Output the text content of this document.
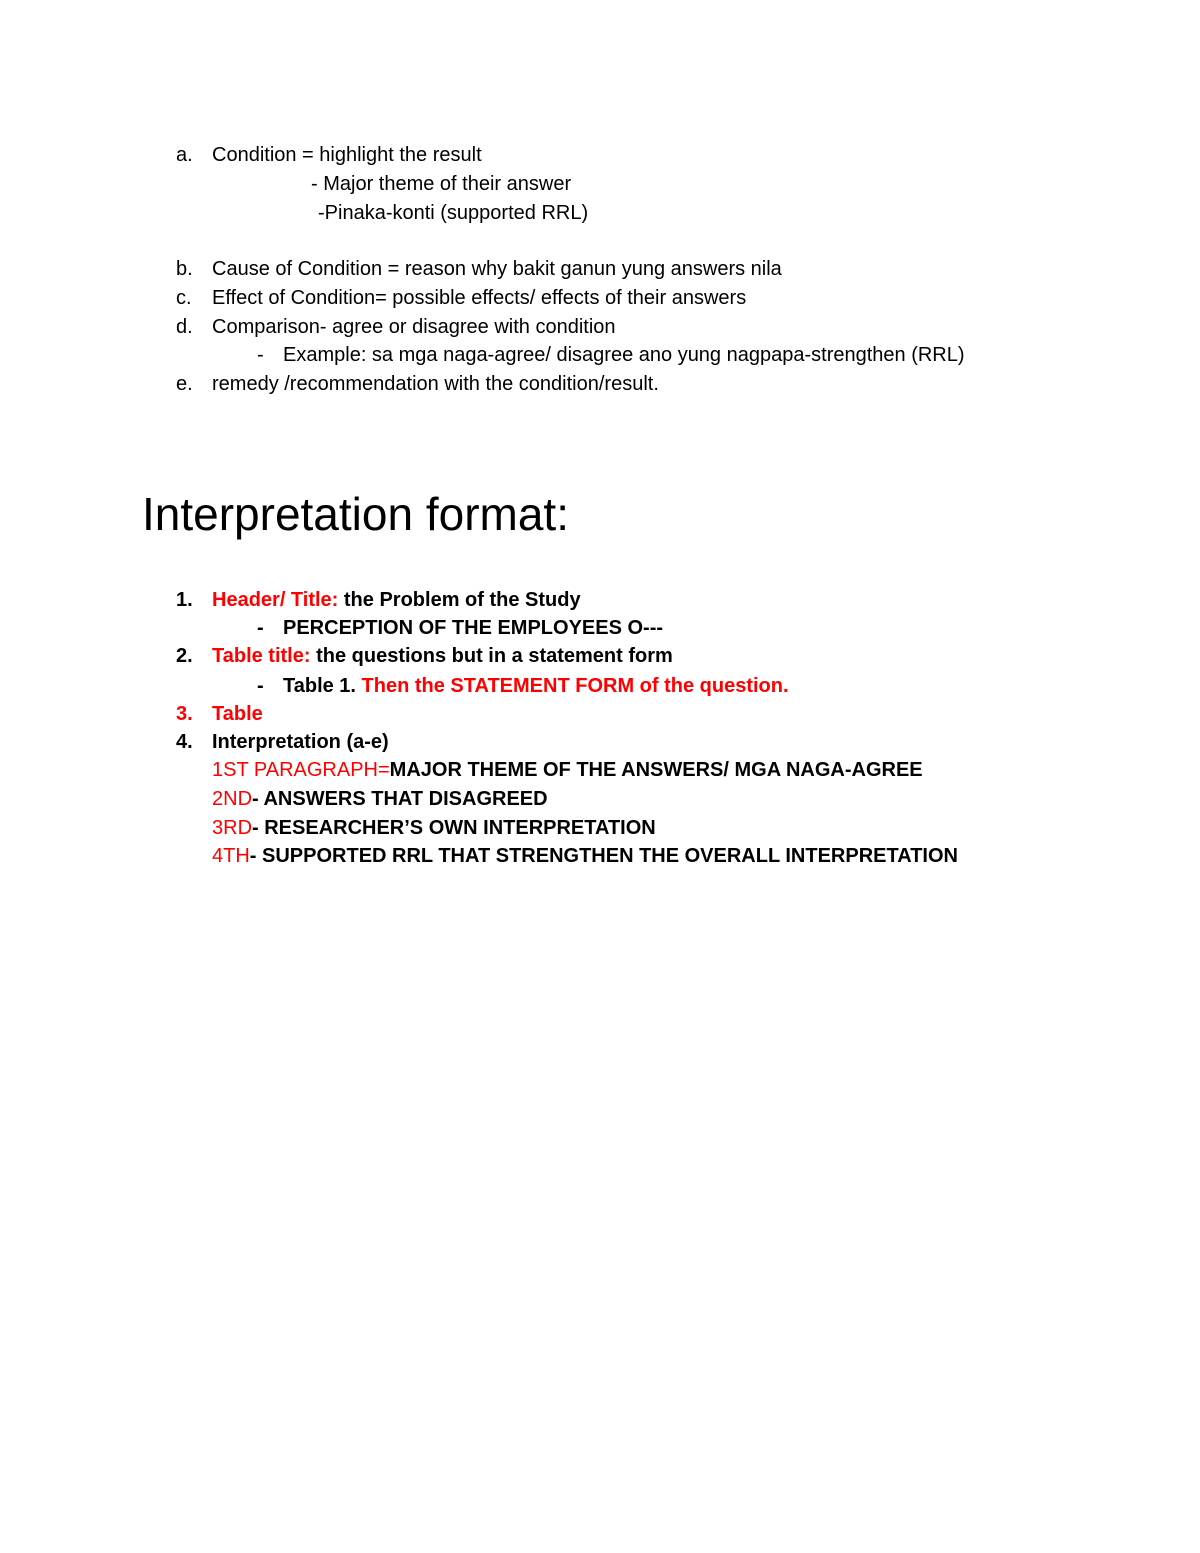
a. Condition = highlight the result
- Major theme of their answer
-Pinaka-konti (supported RRL)
b. Cause of Condition = reason why bakit ganun yung answers nila
c. Effect of Condition= possible effects/ effects of their answers
d. Comparison- agree or disagree with condition
- Example: sa mga naga-agree/ disagree ano yung nagpapa-strengthen (RRL)
e. remedy /recommendation with the condition/result.
Interpretation format:
1. Header/ Title: the Problem of the Study
- PERCEPTION OF THE EMPLOYEES O---
2. Table title: the questions but in a statement form
- Table 1. Then the STATEMENT FORM of the question.
3. Table
4. Interpretation (a-e)
1ST PARAGRAPH=MAJOR THEME OF THE ANSWERS/ MGA NAGA-AGREE
2ND- ANSWERS THAT DISAGREED
3RD- RESEARCHER’S OWN INTERPRETATION
4TH- SUPPORTED RRL THAT STRENGTHEN THE OVERALL INTERPRETATION
